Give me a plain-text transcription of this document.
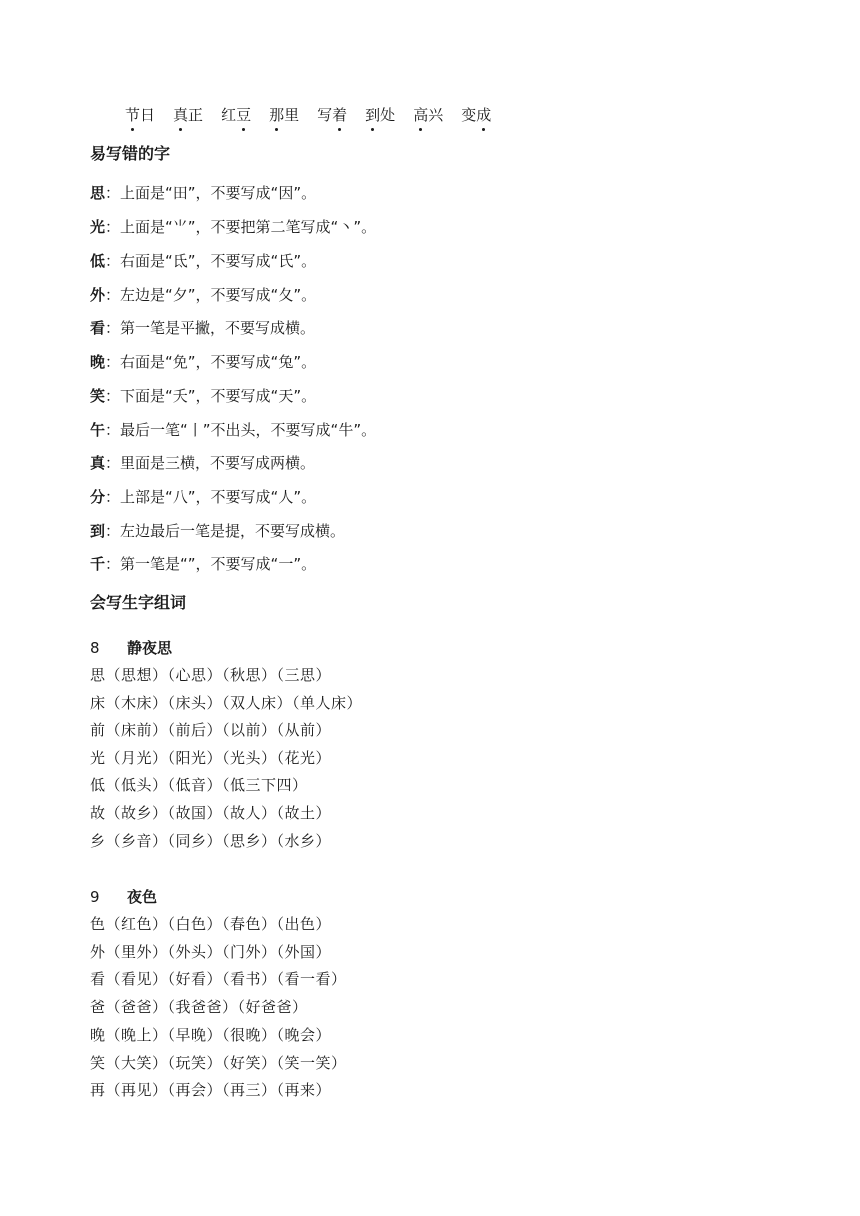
节日 真正 红豆 那里 写着 到处 高兴 变成
易写错的字
思：上面是“田”，不要写成“因”。
光：上面是“⺌”，不要把第二笔写成“丶”。
低：右面是“氐”，不要写成“氏”。
外：左边是“夕”，不要写成“夂”。
看：第一笔是平撇，不要写成横。
晚：右面是“免”，不要写成“兔”。
笑：下面是“夭”，不要写成“天”。
午：最后一笔“丨”不出头，不要写成“牛”。
真：里面是三横，不要写成两横。
分：上部是“八”，不要写成“人”。
到：左边最后一笔是提，不要写成横。
千：第一笔是“”，不要写成“一”。
会写生字组词
8 静夜思
思（思想）（心思）（秋思）（三思）
床（木床）（床头）（双人床）（单人床）
前（床前）（前后）（以前）（从前）
光（月光）（阳光）（光头）（花光）
低（低头）（低音）（低三下四）
故（故乡）（故国）（故人）（故土）
乡（乡音）（同乡）（思乡）（水乡）
9 夜色
色（红色）（白色）（春色）（出色）
外（里外）（外头）（门外）（外国）
看（看见）（好看）（看书）（看一看）
爸（爸爸）（我爸爸）（好爸爸）
晚（晚上）（早晚）（很晚）（晚会）
笑（大笑）（玩笑）（好笑）（笑一笑）
再（再见）（再会）（再三）（再来）
